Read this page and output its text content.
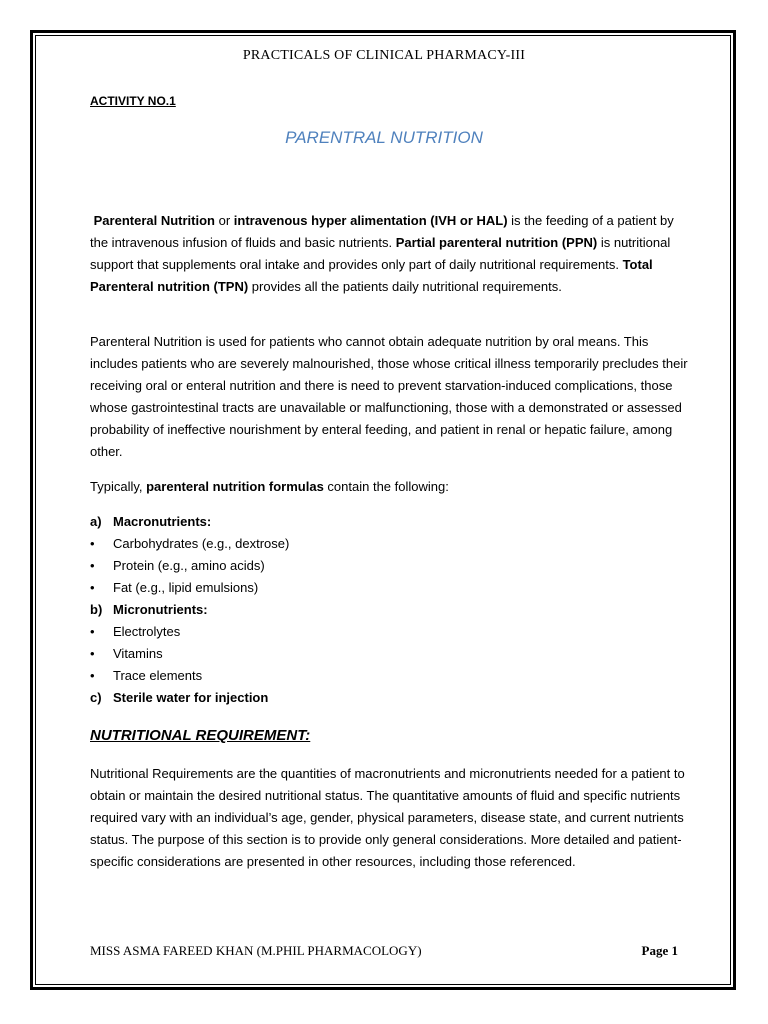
PRACTICALS OF CLINICAL PHARMACY-III
ACTIVITY NO.1
PARENTRAL NUTRITION
Parenteral Nutrition or intravenous hyper alimentation (IVH or HAL) is the feeding of a patient by the intravenous infusion of fluids and basic nutrients. Partial parenteral nutrition (PPN) is nutritional support that supplements oral intake and provides only part of daily nutritional requirements. Total Parenteral nutrition (TPN) provides all the patients daily nutritional requirements.
Parenteral Nutrition is used for patients who cannot obtain adequate nutrition by oral means. This includes patients who are severely malnourished, those whose critical illness temporarily precludes their receiving oral or enteral nutrition and there is need to prevent starvation-induced complications, those whose gastrointestinal tracts are unavailable or malfunctioning, those with a demonstrated or assessed probability of ineffective nourishment by enteral feeding, and patient in renal or hepatic failure, among other.
Typically, parenteral nutrition formulas contain the following:
a) Macronutrients:
•	Carbohydrates (e.g., dextrose)
•	Protein (e.g., amino acids)
•	Fat (e.g., lipid emulsions)
b) Micronutrients:
•	Electrolytes
•	Vitamins
•	Trace elements
c) Sterile water for injection
NUTRITIONAL REQUIREMENT:
Nutritional Requirements are the quantities of macronutrients and micronutrients needed for a patient to obtain or maintain the desired nutritional status. The quantitative amounts of fluid and specific nutrients required vary with an individual’s age, gender, physical parameters, disease state, and current nutrients status. The purpose of this section is to provide only general considerations. More detailed and patient-specific considerations are presented in other resources, including those referenced.
MISS ASMA FAREED KHAN (M.PHIL PHARMACOLOGY)	Page 1
